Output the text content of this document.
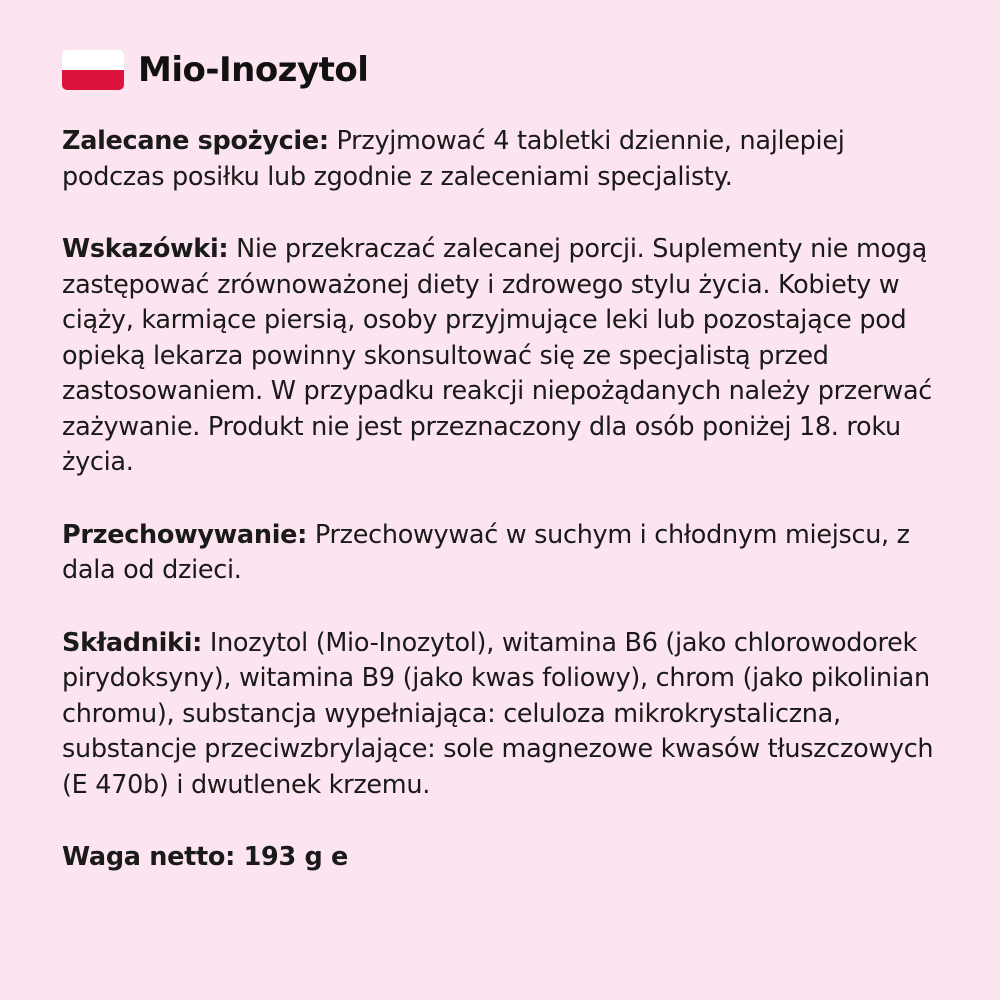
Mio-Inozytol

Zalecane spożycie: Przyjmować 4 tabletki dziennie, najlepiej podczas posiłku lub zgodnie z zaleceniami specjalisty.

Wskazówki: Nie przekraczać zalecanej porcji. Suplementy nie mogą zastępować zrównoważonej diety i zdrowego stylu życia. Kobiety w ciąży, karmiące piersią, osoby przyjmujące leki lub pozostające pod opieką lekarza powinny skonsultować się ze specjalistą przed zastosowaniem. W przypadku reakcji niepożądanych należy przerwać zażywanie. Produkt nie jest przeznaczony dla osób poniżej 18. roku życia.

Przechowywanie: Przechowywać w suchym i chłodnym miejscu, z dala od dzieci.

Składniki: Inozytol (Mio-Inozytol), witamina B6 (jako chlorowodorek pirydoksyny), witamina B9 (jako kwas foliowy), chrom (jako pikolinian chromu), substancja wypełniająca: celuloza mikrokrystaliczna, substancje przeciwzbrylające: sole magnezowe kwasów tłuszczowych (E 470b) i dwutlenek krzemu.

Waga netto: 193 g e
